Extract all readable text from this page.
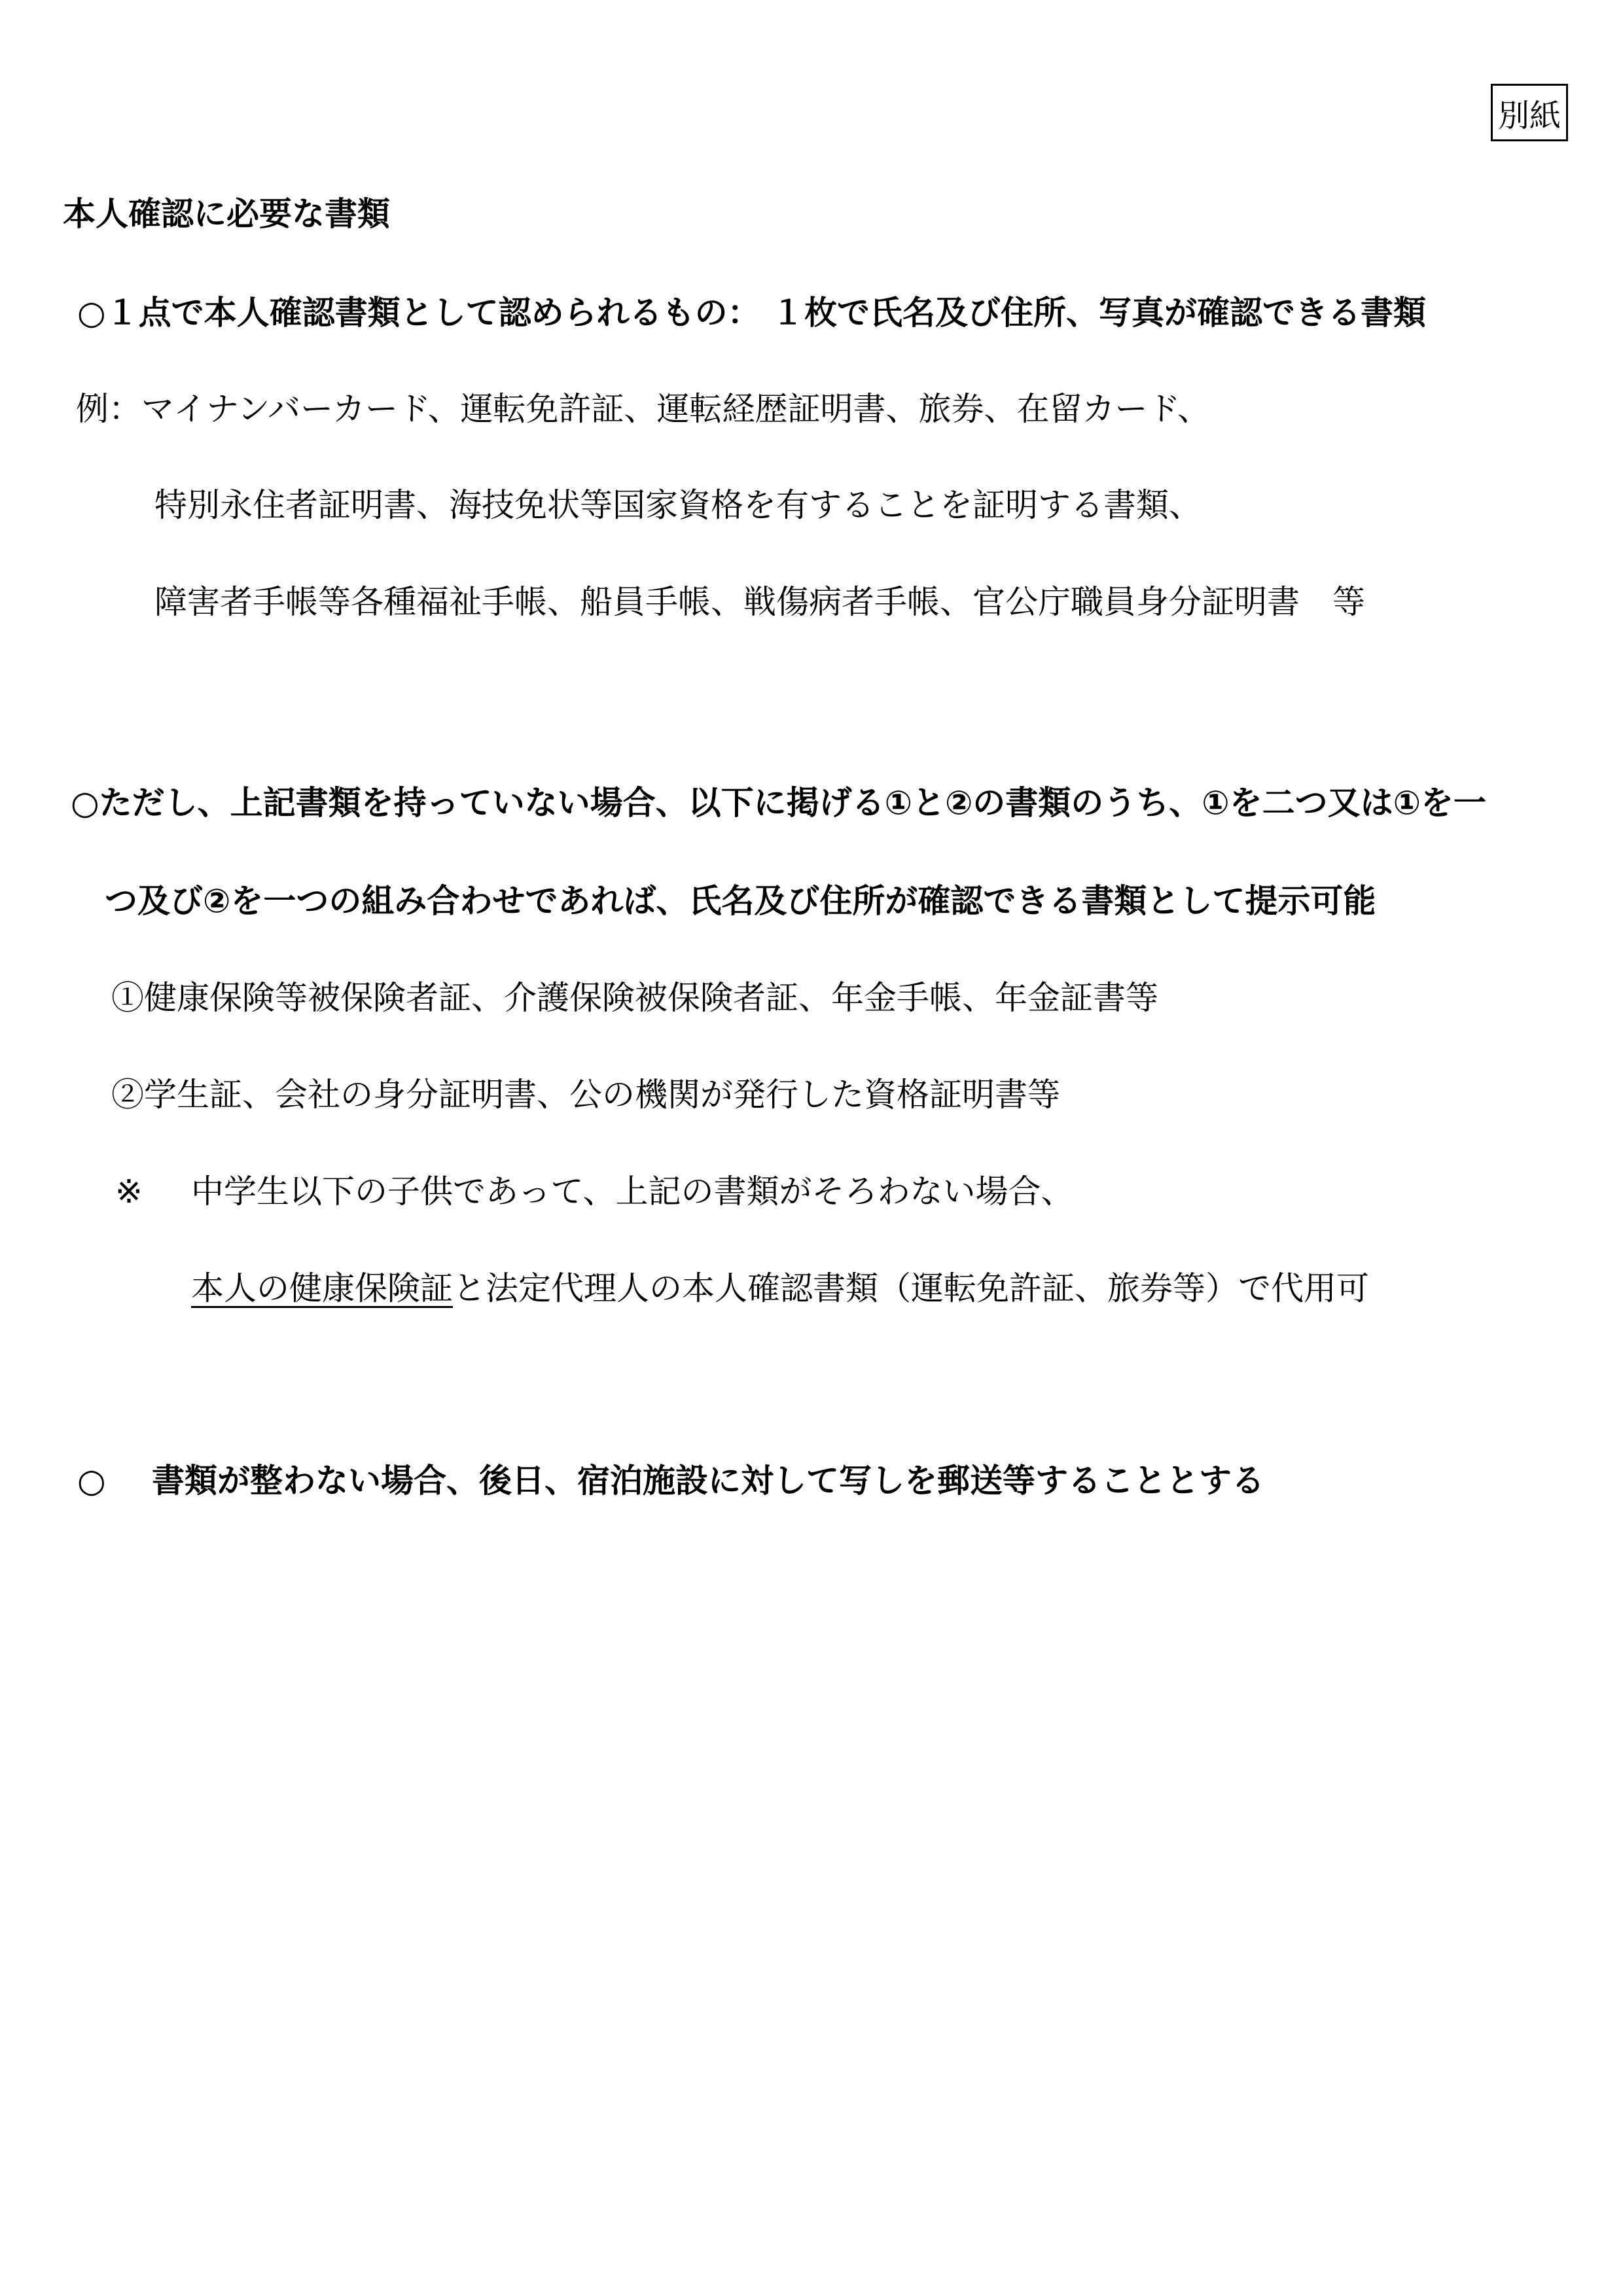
別紙
本人確認に必要な書類
○１点で本人確認書類として認められるもの： １枚で氏名及び住所、写真が確認できる書類
例：マイナンバーカード、運転免許証、運転経歴証明書、旅券、在留カード、
特別永住者証明書、海技免状等国家資格を有することを証明する書類、
障害者手帳等各種福祉手帳、船員手帳、戦傷病者手帳、官公庁職員身分証明書　等
○ただし、上記書類を持っていない場合、以下に掲げる①と②の書類のうち、①を二つ又は①を一
つ及び②を一つの組み合わせであれば、氏名及び住所が確認できる書類として提示可能
①健康保険等被保険者証、介護保険被保険者証、年金手帳、年金証書等
②学生証、会社の身分証明書、公の機関が発行した資格証明書等
※ 中学生以下の子供であって、上記の書類がそろわない場合、
本人の健康保険証と法定代理人の本人確認書類（運転免許証、旅券等）で代用可
○ 書類が整わない場合、後日、宿泊施設に対して写しを郵送等することとする
